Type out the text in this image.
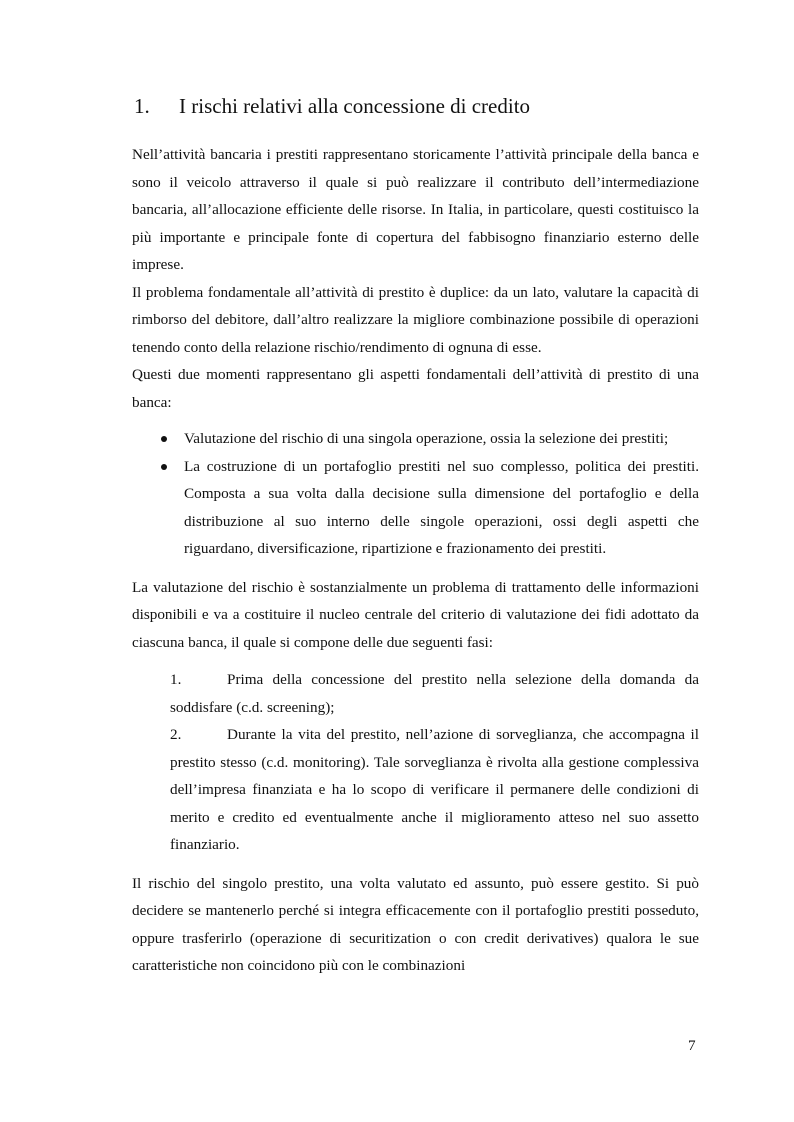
1. I rischi relativi alla concessione di credito

Nell’attività bancaria i prestiti rappresentano storicamente l’attività principale della banca e sono il veicolo attraverso il quale si può realizzare il contributo dell’intermediazione bancaria, all’allocazione efficiente delle risorse. In Italia, in particolare, questi costituisco la più importante e principale fonte di copertura del fabbisogno finanziario esterno delle imprese.

Il problema fondamentale all’attività di prestito è duplice: da un lato, valutare la capacità di rimborso del debitore, dall’altro realizzare la migliore combinazione possibile di operazioni tenendo conto della relazione rischio/rendimento di ognuna di esse.

Questi due momenti rappresentano gli aspetti fondamentali dell’attività di prestito di una banca:

Valutazione del rischio di una singola operazione, ossia la selezione dei prestiti;
La costruzione di un portafoglio prestiti nel suo complesso, politica dei prestiti. Composta a sua volta dalla decisione sulla dimensione del portafoglio e della distribuzione al suo interno delle singole operazioni, ossi degli aspetti che riguardano, diversificazione, ripartizione e frazionamento dei prestiti.

La valutazione del rischio è sostanzialmente un problema di trattamento delle informazioni disponibili e va a costituire il nucleo centrale del criterio di valutazione dei fidi adottato da ciascuna banca, il quale si compone delle due seguenti fasi:

1.	Prima della concessione del prestito nella selezione della domanda da soddisfare (c.d. screening);
2.	Durante la vita del prestito, nell’azione di sorveglianza, che accompagna il prestito stesso (c.d. monitoring). Tale sorveglianza è rivolta alla gestione complessiva dell’impresa finanziata e ha lo scopo di verificare il permanere delle condizioni di merito e credito ed eventualmente anche il miglioramento atteso nel suo assetto finanziario.

Il rischio del singolo prestito, una volta valutato ed assunto, può essere gestito. Si può decidere se mantenerlo perché si integra efficacemente con il portafoglio prestiti posseduto, oppure trasferirlo (operazione di securitization o con credit derivatives) qualora le sue caratteristiche non coincidono più con le combinazioni

7
